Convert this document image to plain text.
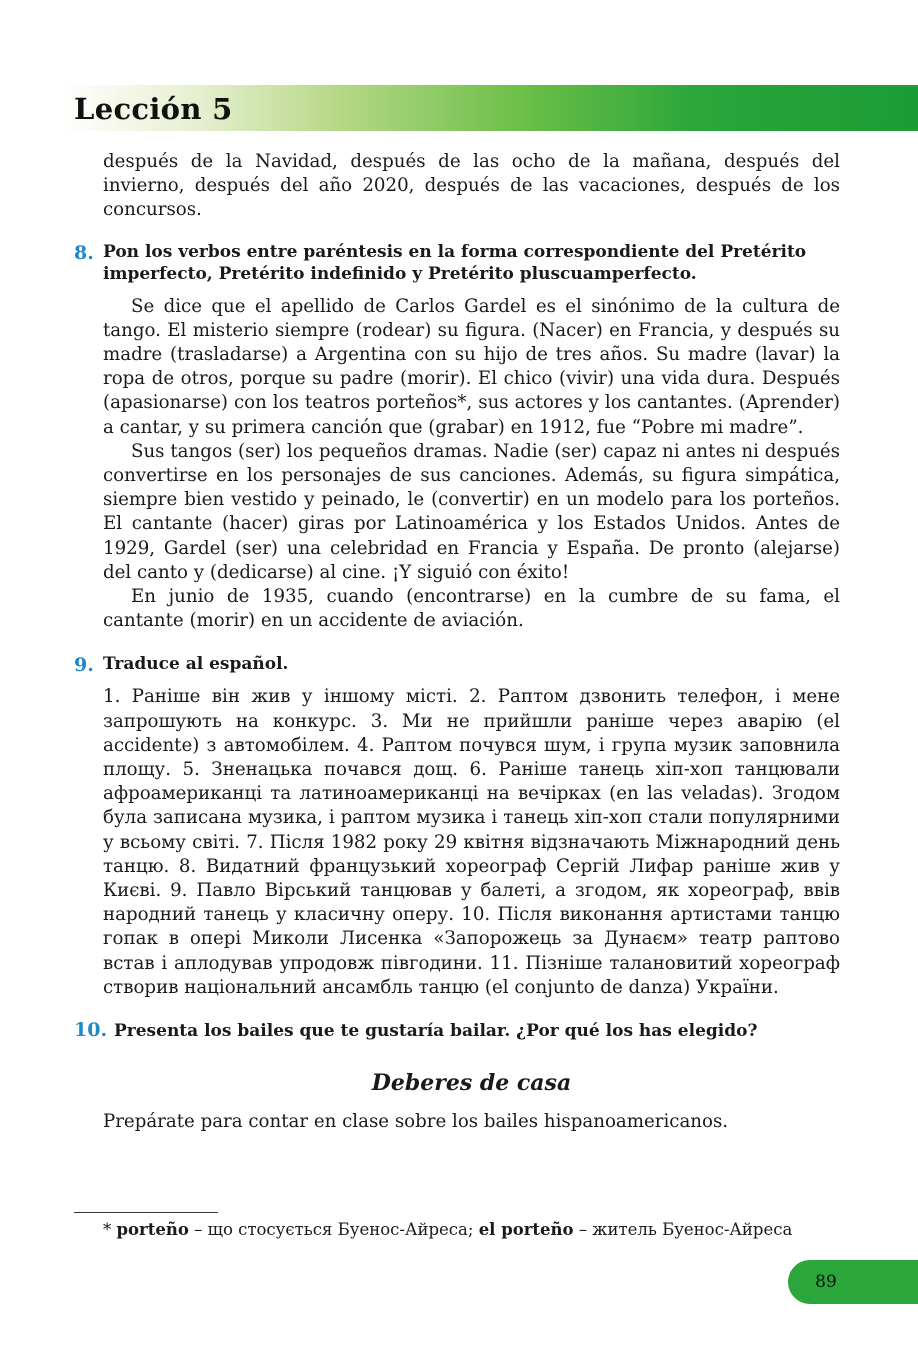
Lección 5
después de la Navidad, después de las ocho de la mañana, después del invierno, después del año 2020, después de las vacaciones, después de los concursos.
8. Pon los verbos entre paréntesis en la forma correspondiente del Pretérito imperfecto, Pretérito indefinido y Pretérito pluscuamperfecto.

Se dice que el apellido de Carlos Gardel es el sinónimo de la cultura de tango. El misterio siempre (rodear) su figura. (Nacer) en Francia, y después su madre (trasladarse) a Argentina con su hijo de tres años. Su madre (lavar) la ropa de otros, porque su padre (morir). El chico (vivir) una vida dura. Después (apasionarse) con los teatros porteños*, sus actores y los cantantes. (Aprender) a cantar, y su primera canción que (grabar) en 1912, fue “Pobre mi madre”.

Sus tangos (ser) los pequeños dramas. Nadie (ser) capaz ni antes ni después convertirse en los personajes de sus canciones. Además, su figura simpática, siempre bien vestido y peinado, le (convertir) en un modelo para los porteños. El cantante (hacer) giras por Latinoamérica y los Estados Unidos. Antes de 1929, Gardel (ser) una celebridad en Francia y España. De pronto (alejarse) del canto y (dedicarse) al cine. ¡Y siguió con éxito!

En junio de 1935, cuando (encontrarse) en la cumbre de su fama, el cantante (morir) en un accidente de aviación.

9. Traduce al español.

1. Раніше він жив у іншому місті. 2. Раптом дзвонить телефон, і мене запрошують на конкурс. 3. Ми не прийшли раніше через аварію (el accidente) з автомобілем. 4. Раптом почувся шум, і група музик заповнила площу. 5. Зненацька почався дощ. 6. Раніше танець хіп-хоп танцювали афроамериканці та латиноамериканці на вечірках (en las veladas). Згодом була записана музика, і раптом музика і танець хіп-хоп стали популярними у всьому світі. 7. Після 1982 року 29 квітня відзначають Міжнародний день танцю. 8. Видатний французький хореограф Сергій Лифар раніше жив у Києві. 9. Павло Вірський танцював у балеті, а згодом, як хореограф, ввів народний танець у класичну оперу. 10. Після виконання артистами танцю гопак в опері Миколи Лисенка «Запорожець за Дунаєм» театр раптово встав і аплодував упродовж півгодини. 11. Пізніше талановитий хореограф створив національний ансамбль танцю (el conjunto de danza) України.

10. Presenta los bailes que te gustaría bailar. ¿Por qué los has elegido?
Deberes de casa
Prepárate para contar en clase sobre los bailes hispanoamericanos.
* porteño – що стосується Буенос-Айреса; el porteño – житель Буенос-Айреса
89
